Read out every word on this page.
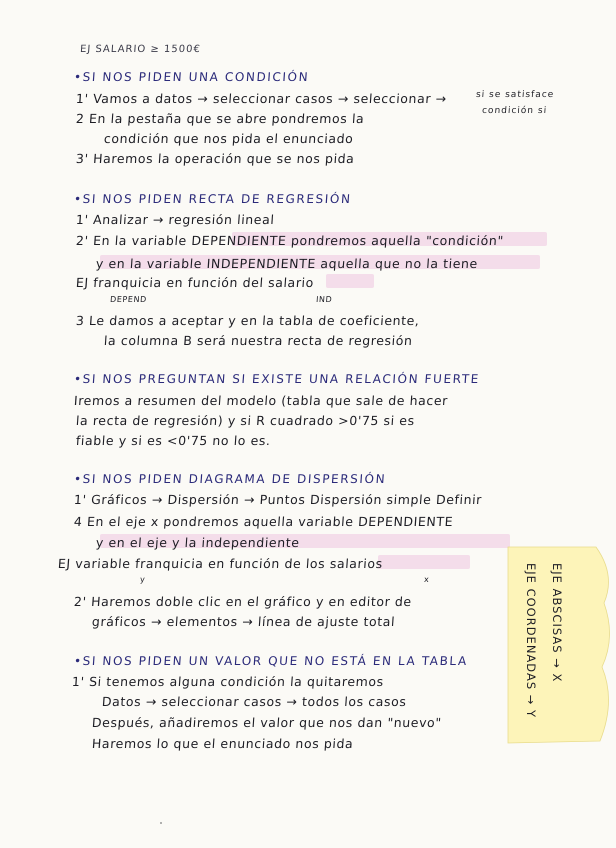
EJ SALARIO ≥ 1500€
•SI NOS PIDEN UNA CONDICIÓN
1' Vamos a datos → seleccionar casos → seleccionar →	si se satisface
condición si
2 En la pestaña que se abre pondremos la
condición que nos pida el enunciado
3' Haremos la operación que se nos pida
•SI NOS PIDEN RECTA DE REGRESIÓN
1' Analizar → regresión lineal
2' En la variable DEPENDIENTE pondremos aquella "condición"
y en la variable INDEPENDIENTE aquella que no la tiene
EJ franquicia en función del salario
DEPEND	IND
3 Le damos a aceptar y en la tabla de coeficiente,
la columna B será nuestra recta de regresión
•SI NOS PREGUNTAN SI EXISTE UNA RELACIÓN FUERTE
Iremos a resumen del modelo (tabla que sale de hacer
la recta de regresión) y si R cuadrado >0'75 si es
fiable y si es <0'75 no lo es.
•SI NOS PIDEN DIAGRAMA DE DISPERSIÓN
1' Gráficos → Dispersión → Puntos Dispersión simple Definir
4 En el eje x pondremos aquella variable DEPENDIENTE
y en el eje y la independiente
EJ variable franquicia en función de los salarios
y	x
2' Haremos doble clic en el gráfico y en editor de
gráficos → elementos → línea de ajuste total
•SI NOS PIDEN UN VALOR QUE NO ESTÁ EN LA TABLA
1' Si tenemos alguna condición la quitaremos
Datos → seleccionar casos → todos los casos
Después, añadiremos el valor que nos dan "nuevo"
Haremos lo que el enunciado nos pida
EJE ABSCISAS → X
EJE COORDENADAS → Y
